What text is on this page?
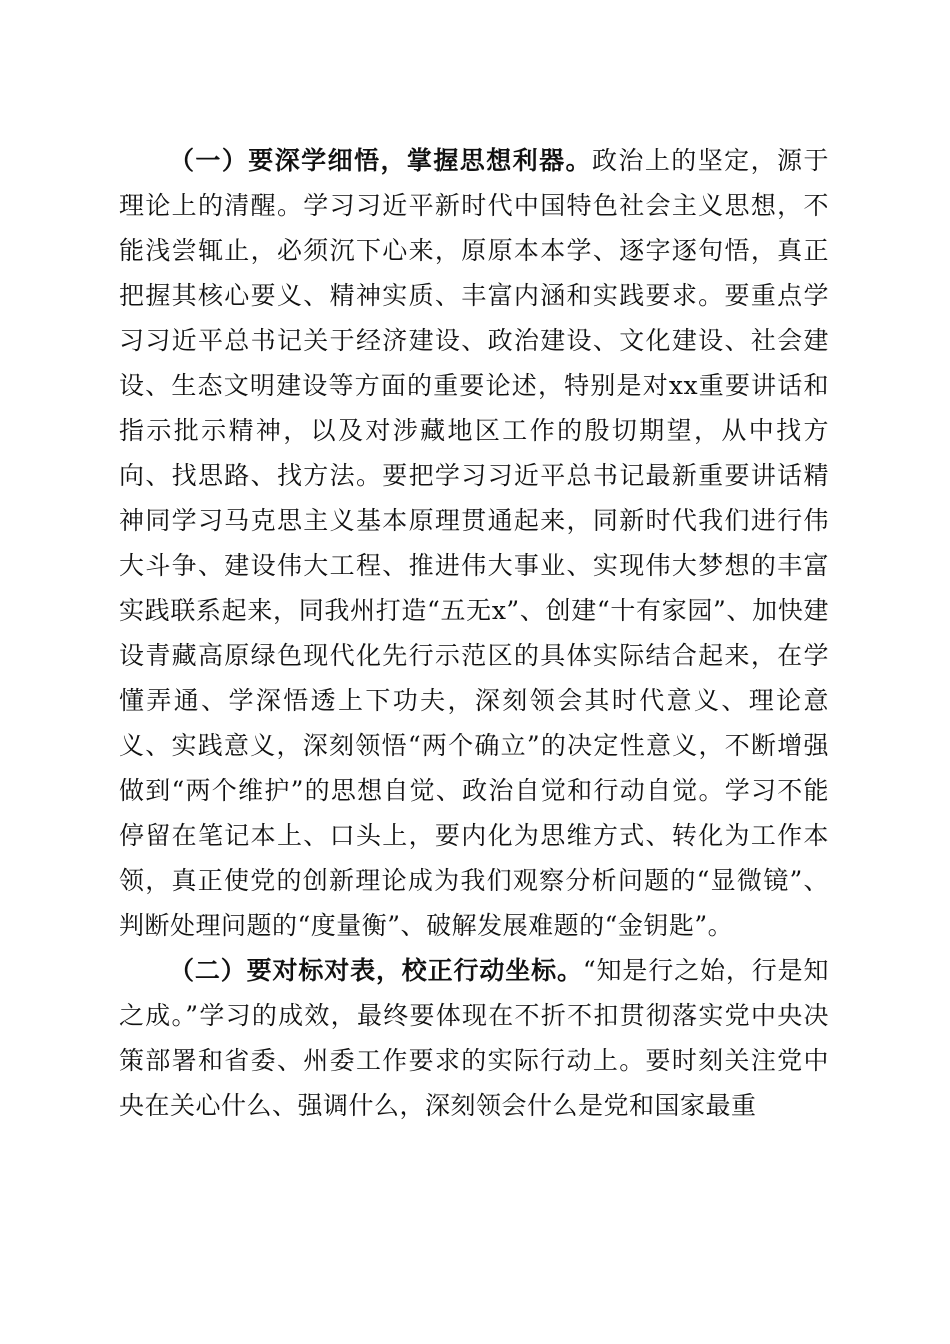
（一）要深学细悟，掌握思想利器。政治上的坚定，源于理论上的清醒。学习习近平新时代中国特色社会主义思想，不能浅尝辄止，必须沉下心来，原原本本学、逐字逐句悟，真正把握其核心要义、精神实质、丰富内涵和实践要求。要重点学习习近平总书记关于经济建设、政治建设、文化建设、社会建设、生态文明建设等方面的重要论述，特别是对xx重要讲话和指示批示精神，以及对涉藏地区工作的殷切期望，从中找方向、找思路、找方法。要把学习习近平总书记最新重要讲话精神同学习马克思主义基本原理贯通起来，同新时代我们进行伟大斗争、建设伟大工程、推进伟大事业、实现伟大梦想的丰富实践联系起来，同我州打造“五无x”、创建“十有家园”、加快建设青藏高原绿色现代化先行示范区的具体实际结合起来，在学懂弄通、学深悟透上下功夫，深刻领会其时代意义、理论意义、实践意义，深刻领悟“两个确立”的决定性意义，不断增强做到“两个维护”的思想自觉、政治自觉和行动自觉。学习不能停留在笔记本上、口头上，要内化为思维方式、转化为工作本领，真正使党的创新理论成为我们观察分析问题的“显微镜”、判断处理问题的“度量衡”、破解发展难题的“金钥匙”。

（二）要对标对表，校正行动坐标。“知是行之始，行是知之成。”学习的成效，最终要体现在不折不扣贯彻落实党中央决策部署和省委、州委工作要求的实际行动上。要时刻关注党中央在关心什么、强调什么，深刻领会什么是党和国家最重
